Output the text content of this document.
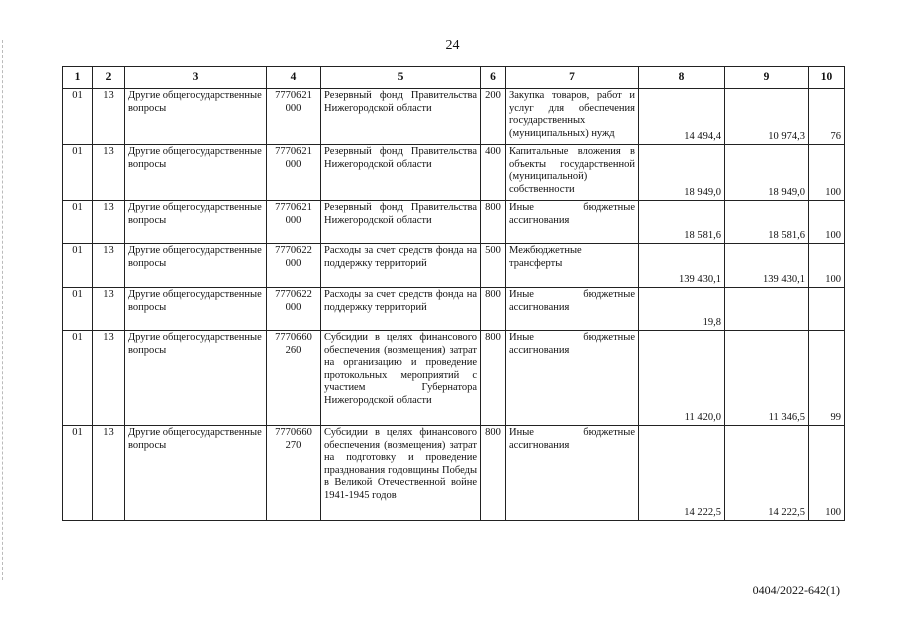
24
1	2	3	4	5	6	7	8	9	10
01	13	Другие общегосударственные вопросы	7770621 000	Резервный фонд Правительства Нижегородской области	200	Закупка товаров, работ и услуг для обеспечения государственных (муниципальных) нужд	14 494,4	10 974,3	76
01	13	Другие общегосударственные вопросы	7770621 000	Резервный фонд Правительства Нижегородской области	400	Капитальные вложения в объекты государственной (муниципальной) собственности	18 949,0	18 949,0	100
01	13	Другие общегосударственные вопросы	7770621 000	Резервный фонд Правительства Нижегородской области	800	Иные бюджетные ассигнования	18 581,6	18 581,6	100
01	13	Другие общегосударственные вопросы	7770622 000	Расходы за счет средств фонда на поддержку территорий	500	Межбюджетные трансферты	139 430,1	139 430,1	100
01	13	Другие общегосударственные вопросы	7770622 000	Расходы за счет средств фонда на поддержку территорий	800	Иные бюджетные ассигнования	19,8		
01	13	Другие общегосударственные вопросы	7770660 260	Субсидии в целях финансового обеспечения (возмещения) затрат на организацию и проведение протокольных мероприятий с участием Губернатора Нижегородской области	800	Иные бюджетные ассигнования	11 420,0	11 346,5	99
01	13	Другие общегосударственные вопросы	7770660 270	Субсидии в целях финансового обеспечения (возмещения) затрат на подготовку и проведение празднования годовщины Победы в Великой Отечественной войне 1941-1945 годов	800	Иные бюджетные ассигнования	14 222,5	14 222,5	100
0404/2022-642(1)
